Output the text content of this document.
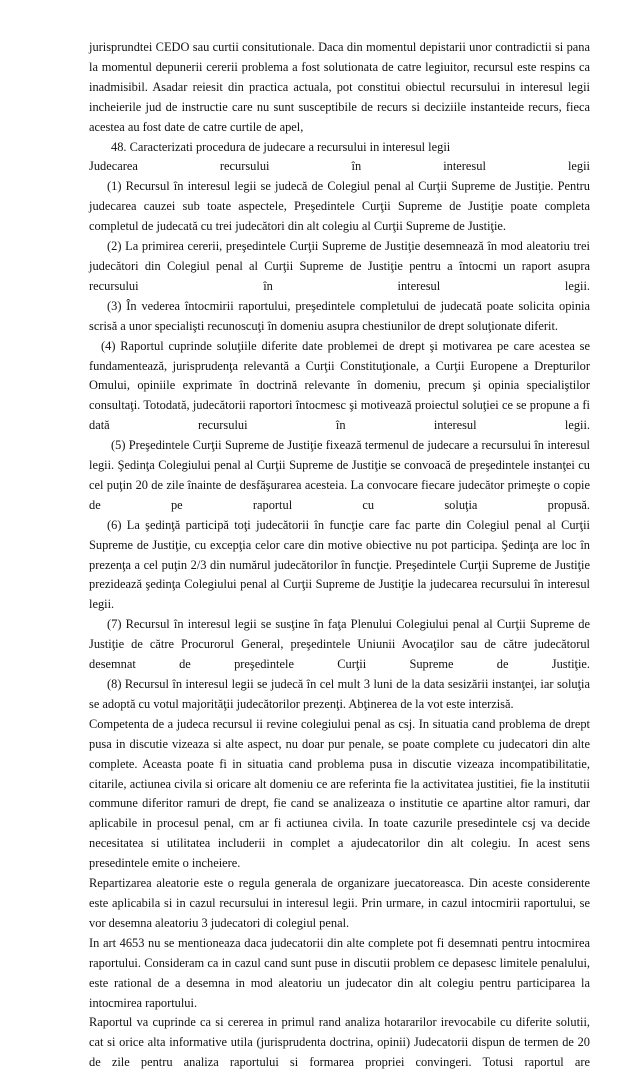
jurisprundtei CEDO sau curtii consitutionale. Daca din momentul depistarii unor contradictii si pana la momentul depunerii cererii problema a fost solutionata de catre legiuitor, recursul este respins ca inadmisibil. Asadar reiesit din practica actuala, pot constitui obiectul recursului in interesul legii incheierile jud de instructie care nu sunt susceptibile de recurs si deciziile instanteide recurs, fieca acestea au fost date de catre curtile de apel,

48. Caracterizati procedura de judecare a recursului in interesul legii

Judecarea recursului în interesul legii

(1) Recursul în interesul legii se judecă de Colegiul penal al Curţii Supreme de Justiţie. Pentru judecarea cauzei sub toate aspectele, Preşedintele Curţii Supreme de Justiţie poate completa completul de judecată cu trei judecători din alt colegiu al Curţii Supreme de Justiţie.

(2) La primirea cererii, preşedintele Curţii Supreme de Justiţie desemnează în mod aleatoriu trei judecători din Colegiul penal al Curţii Supreme de Justiţie pentru a întocmi un raport asupra recursului în interesul legii.

(3) În vederea întocmirii raportului, preşedintele completului de judecată poate solicita opinia scrisă a unor specialişti recunoscuţi în domeniu asupra chestiunilor de drept soluţionate diferit.

(4) Raportul cuprinde soluţiile diferite date problemei de drept şi motivarea pe care acestea se fundamentează, jurisprudenţa relevantă a Curţii Constituţionale, a Curţii Europene a Drepturilor Omului, opiniile exprimate în doctrină relevante în domeniu, precum şi opinia specialiştilor consultaţi. Totodată, judecătorii raportori întocmesc şi motivează proiectul soluţiei ce se propune a fi dată recursului în interesul legii.

(5) Preşedintele Curţii Supreme de Justiţie fixează termenul de judecare a recursului în interesul legii. Şedinţa Colegiului penal al Curţii Supreme de Justiţie se convoacă de preşedintele instanţei cu cel puţin 20 de zile înainte de desfăşurarea acesteia. La convocare fiecare judecător primeşte o copie de pe raportul cu soluţia propusă.

(6) La şedinţă participă toţi judecătorii în funcţie care fac parte din Colegiul penal al Curţii Supreme de Justiţie, cu excepţia celor care din motive obiective nu pot participa. Şedinţa are loc în prezenţa a cel puţin 2/3 din numărul judecătorilor în funcţie. Preşedintele Curţii Supreme de Justiţie prezidează şedinţa Colegiului penal al Curţii Supreme de Justiţie la judecarea recursului în interesul legii.

(7) Recursul în interesul legii se susţine în faţa Plenului Colegiului penal al Curţii Supreme de Justiţie de către Procurorul General, preşedintele Uniunii Avocaţilor sau de către judecătorul desemnat de preşedintele Curţii Supreme de Justiţie.

(8) Recursul în interesul legii se judecă în cel mult 3 luni de la data sesizării instanţei, iar soluţia se adoptă cu votul majorităţii judecătorilor prezenţi. Abţinerea de la vot este interzisă.

Competenta de a judeca recursul ii revine colegiului penal as csj. In situatia cand problema de drept pusa in discutie vizeaza si alte aspect, nu doar pur penale, se poate complete cu judecatori din alte complete. Aceasta poate fi in situatia cand problema pusa in discutie vizeaza incompatibilitatie, citarile, actiunea civila si oricare alt domeniu ce are referinta fie la activitatea justitiei, fie la institutii commune diferitor ramuri de drept, fie cand se analizeaza o institutie ce apartine altor ramuri, dar aplicabile in procesul penal, cm ar fi actiunea civila. In toate cazurile presedintele csj va decide necesitatea si utilitatea includerii in complet a ajudecatorilor din alt colegiu. In acest sens presedintele emite o incheiere.

Repartizarea aleatorie este o regula generala de organizare juecatoreasca. Din aceste considerente este aplicabila si in cazul recursului in interesul legii. Prin urmare, in cazul intocmirii raportului, se vor desemna aleatoriu 3 judecatori di colegiul penal.

In art 4653 nu se mentioneaza daca judecatorii din alte complete pot fi desemnati pentru intocmirea raportului. Consideram ca in cazul cand sunt puse in discutii problem ce depasesc limitele penalului, este rational de a desemna in mod aleatoriu un judecator din alt colegiu pentru participarea la intocmirea raportului.

Raportul va cuprinde ca si cererea in primul rand analiza hotararilor irevocabile cu diferite solutii, cat si orice alta informative utila (jurisprudenta doctrina, opinii) Judecatorii dispun de termen de 20 de zile pentru analiza raportului si formarea propriei convingeri. Totusi raportul are
